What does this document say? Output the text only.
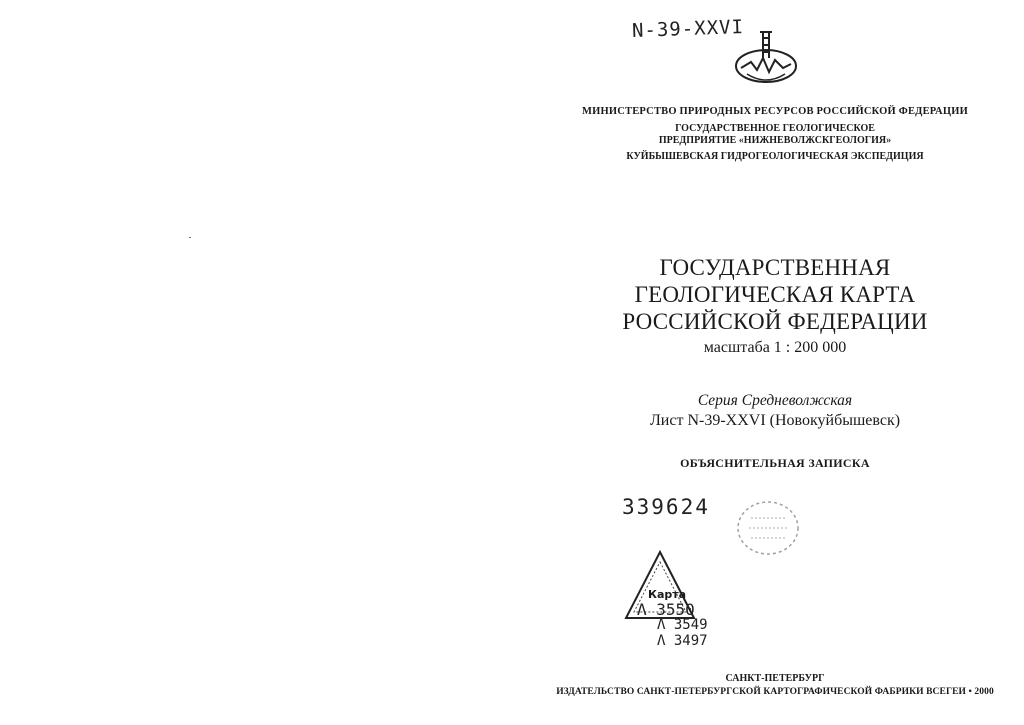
N-39-XXVI
МИНИСТЕРСТВО ПРИРОДНЫХ РЕСУРСОВ РОССИЙСКОЙ ФЕДЕРАЦИИ
ГОСУДАРСТВЕННОЕ ГЕОЛОГИЧЕСКОЕ
ПРЕДПРИЯТИЕ «НИЖНЕВОЛЖСКГЕОЛОГИЯ»
КУЙБЫШЕВСКАЯ ГИДРОГЕОЛОГИЧЕСКАЯ ЭКСПЕДИЦИЯ
ГОСУДАРСТВЕННАЯ
ГЕОЛОГИЧЕСКАЯ КАРТА
РОССИЙСКОЙ ФЕДЕРАЦИИ
масштаба 1 : 200 000
Серия Средневолжская
Лист N-39-XXVI (Новокуйбышевск)
ОБЪЯСНИТЕЛЬНАЯ ЗАПИСКА
339624
Карта
Λ 3550
Λ 3549
Λ 3497
САНКТ-ПЕТЕРБУРГ
ИЗДАТЕЛЬСТВО САНКТ-ПЕТЕРБУРГСКОЙ КАРТОГРАФИЧЕСКОЙ ФАБРИКИ ВСЕГЕИ • 2000
